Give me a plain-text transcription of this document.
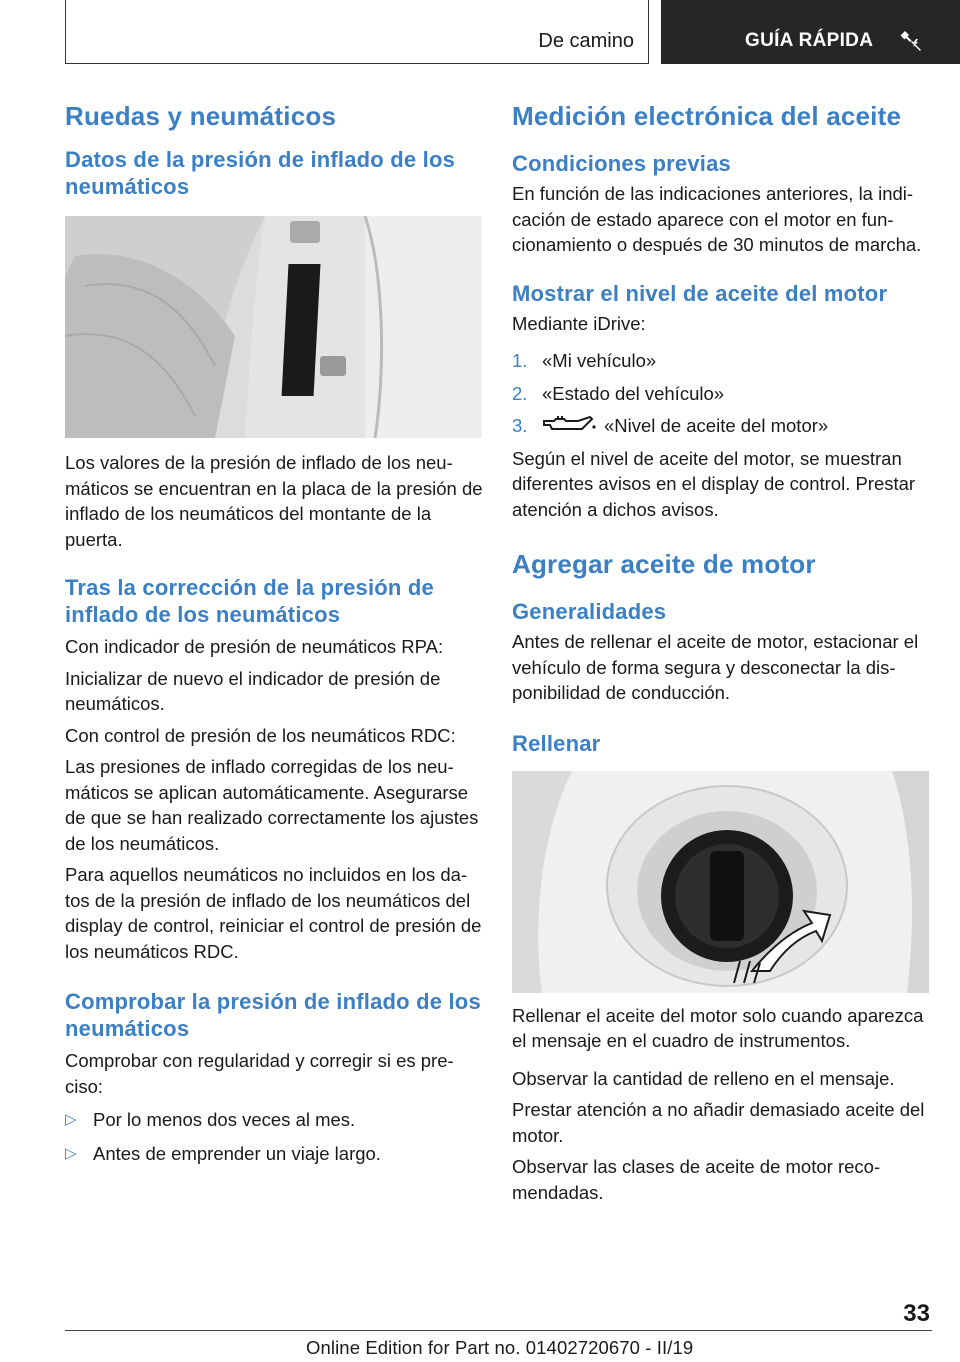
De camino	GUÍA RÁPIDA
Ruedas y neumáticos
Datos de la presión de inflado de los neumáticos

Los valores de la presión de inflado de los neumáticos se encuentran en la placa de la presión de inflado de los neumáticos del montante de la puerta.

Tras la corrección de la presión de inflado de los neumáticos

Con indicador de presión de neumáticos RPA:

Inicializar de nuevo el indicador de presión de neumáticos.

Con control de presión de los neumáticos RDC:

Las presiones de inflado corregidas de los neumáticos se aplican automáticamente. Asegurarse de que se han realizado correctamente los ajustes de los neumáticos.

Para aquellos neumáticos no incluidos en los datos de la presión de inflado de los neumáticos del display de control, reiniciar el control de presión de los neumáticos RDC.

Comprobar la presión de inflado de los neumáticos

Comprobar con regularidad y corregir si es preciso:

▷ Por lo menos dos veces al mes.
▷ Antes de emprender un viaje largo.
Medición electrónica del aceite
Condiciones previas

En función de las indicaciones anteriores, la indicación de estado aparece con el motor en funcionamiento o después de 30 minutos de marcha.

Mostrar el nivel de aceite del motor

Mediante iDrive:

1. «Mi vehículo»
2. «Estado del vehículo»
3.	«Nivel de aceite del motor»

Según el nivel de aceite del motor, se muestran diferentes avisos en el display de control. Prestar atención a dichos avisos.

Agregar aceite de motor
Generalidades

Antes de rellenar el aceite de motor, estacionar el vehículo de forma segura y desconectar la disponibilidad de conducción.

Rellenar

Rellenar el aceite del motor solo cuando aparezca el mensaje en el cuadro de instrumentos.

Observar la cantidad de relleno en el mensaje.

Prestar atención a no añadir demasiado aceite del motor.

Observar las clases de aceite de motor recomendadas.

33
Online Edition for Part no. 01402720670 - II/19
